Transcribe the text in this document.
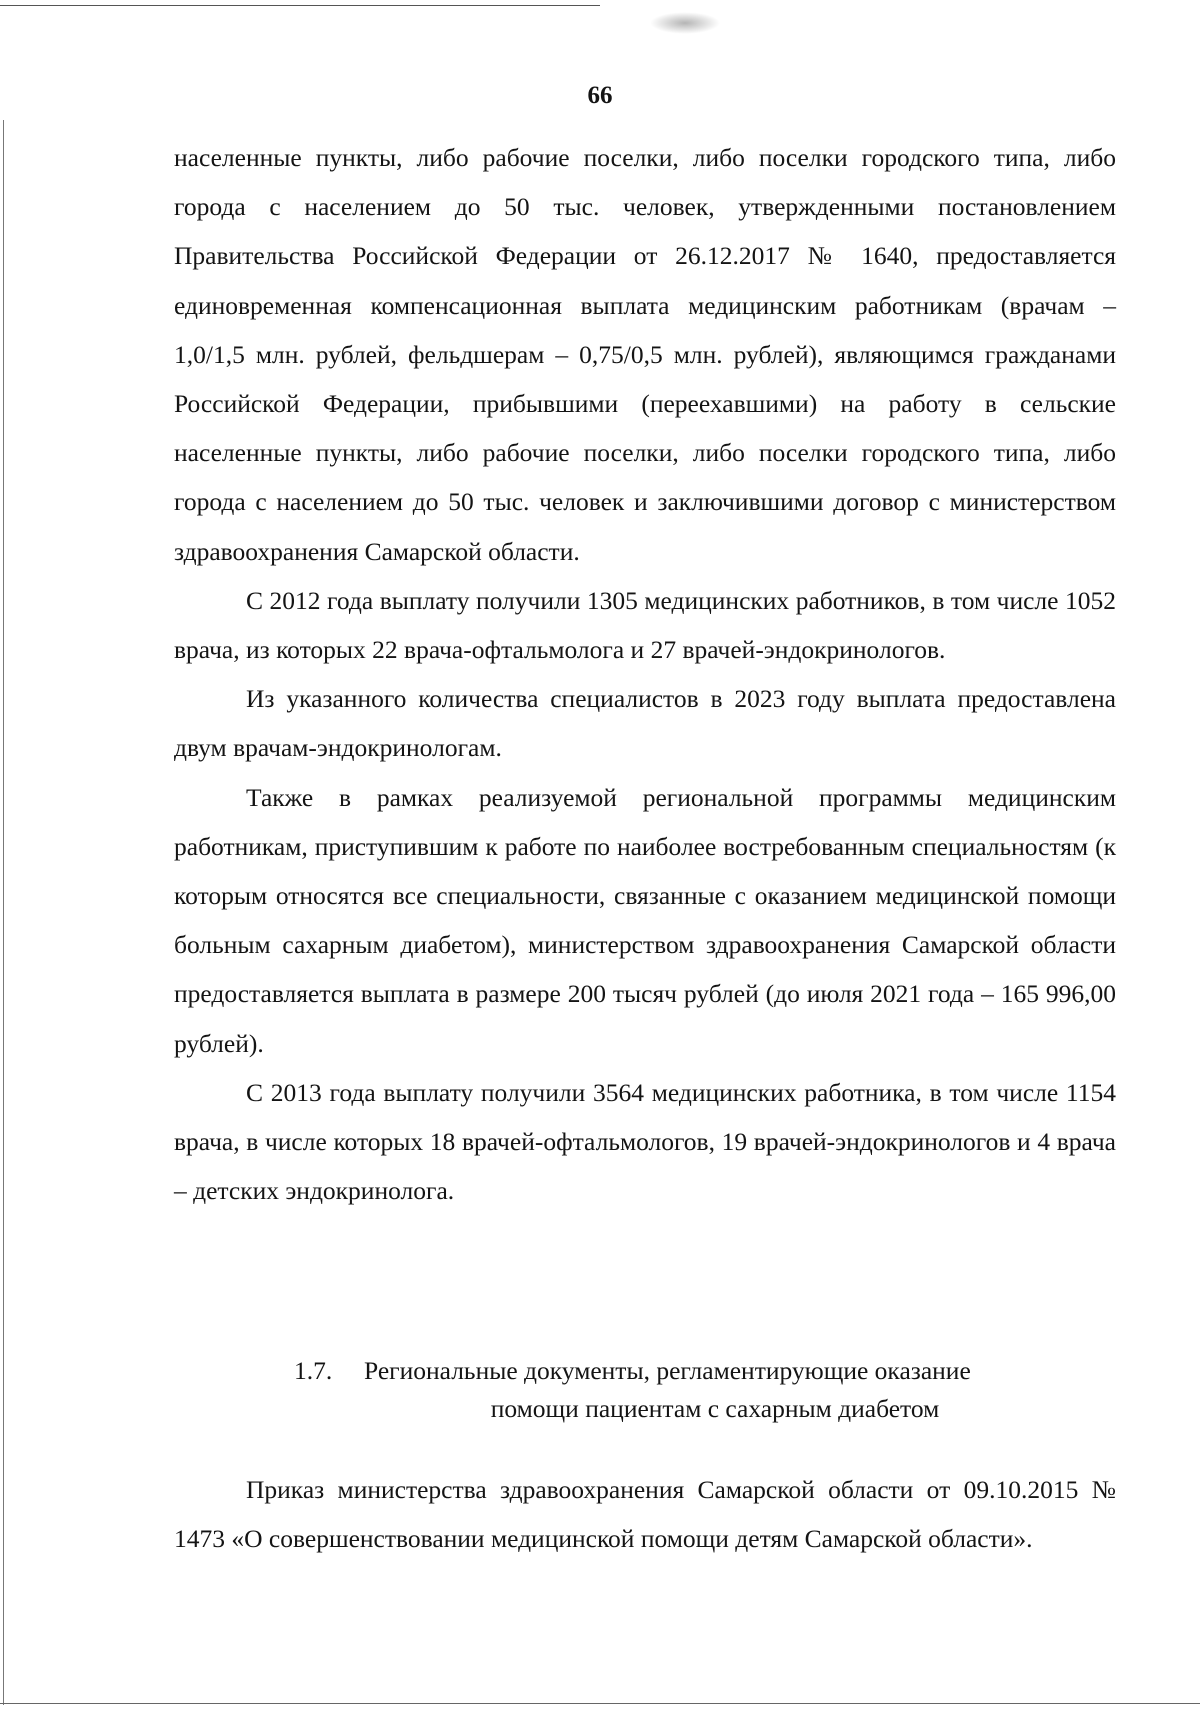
66

населенные пункты, либо рабочие поселки, либо поселки городского типа, либо города с населением до 50 тыс. человек, утвержденными постановлением Правительства Российской Федерации от 26.12.2017 № 1640, предоставляется единовременная компенсационная выплата медицинским работникам (врачам – 1,0/1,5 млн. рублей, фельдшерам – 0,75/0,5 млн. рублей), являющимся гражданами Российской Федерации, прибывшими (переехавшими) на работу в сельские населенные пункты, либо рабочие поселки, либо поселки городского типа, либо города с населением до 50 тыс. человек и заключившими договор с министерством здравоохранения Самарской области.

С 2012 года выплату получили 1305 медицинских работников, в том числе 1052 врача, из которых 22 врача-офтальмолога и 27 врачей-эндокринологов.

Из указанного количества специалистов в 2023 году выплата предоставлена двум врачам-эндокринологам.

Также в рамках реализуемой региональной программы медицинским работникам, приступившим к работе по наиболее востребованным специальностям (к которым относятся все специальности, связанные с оказанием медицинской помощи больным сахарным диабетом), министерством здравоохранения Самарской области предоставляется выплата в размере 200 тысяч рублей (до июля 2021 года – 165 996,00 рублей).

С 2013 года выплату получили 3564 медицинских работника, в том числе 1154 врача, в числе которых 18 врачей-офтальмологов, 19 врачей-эндокринологов и 4 врача – детских эндокринолога.

1.7. Региональные документы, регламентирующие оказание
помощи пациентам с сахарным диабетом

Приказ министерства здравоохранения Самарской области от 09.10.2015 № 1473 «О совершенствовании медицинской помощи детям Самарской области».
